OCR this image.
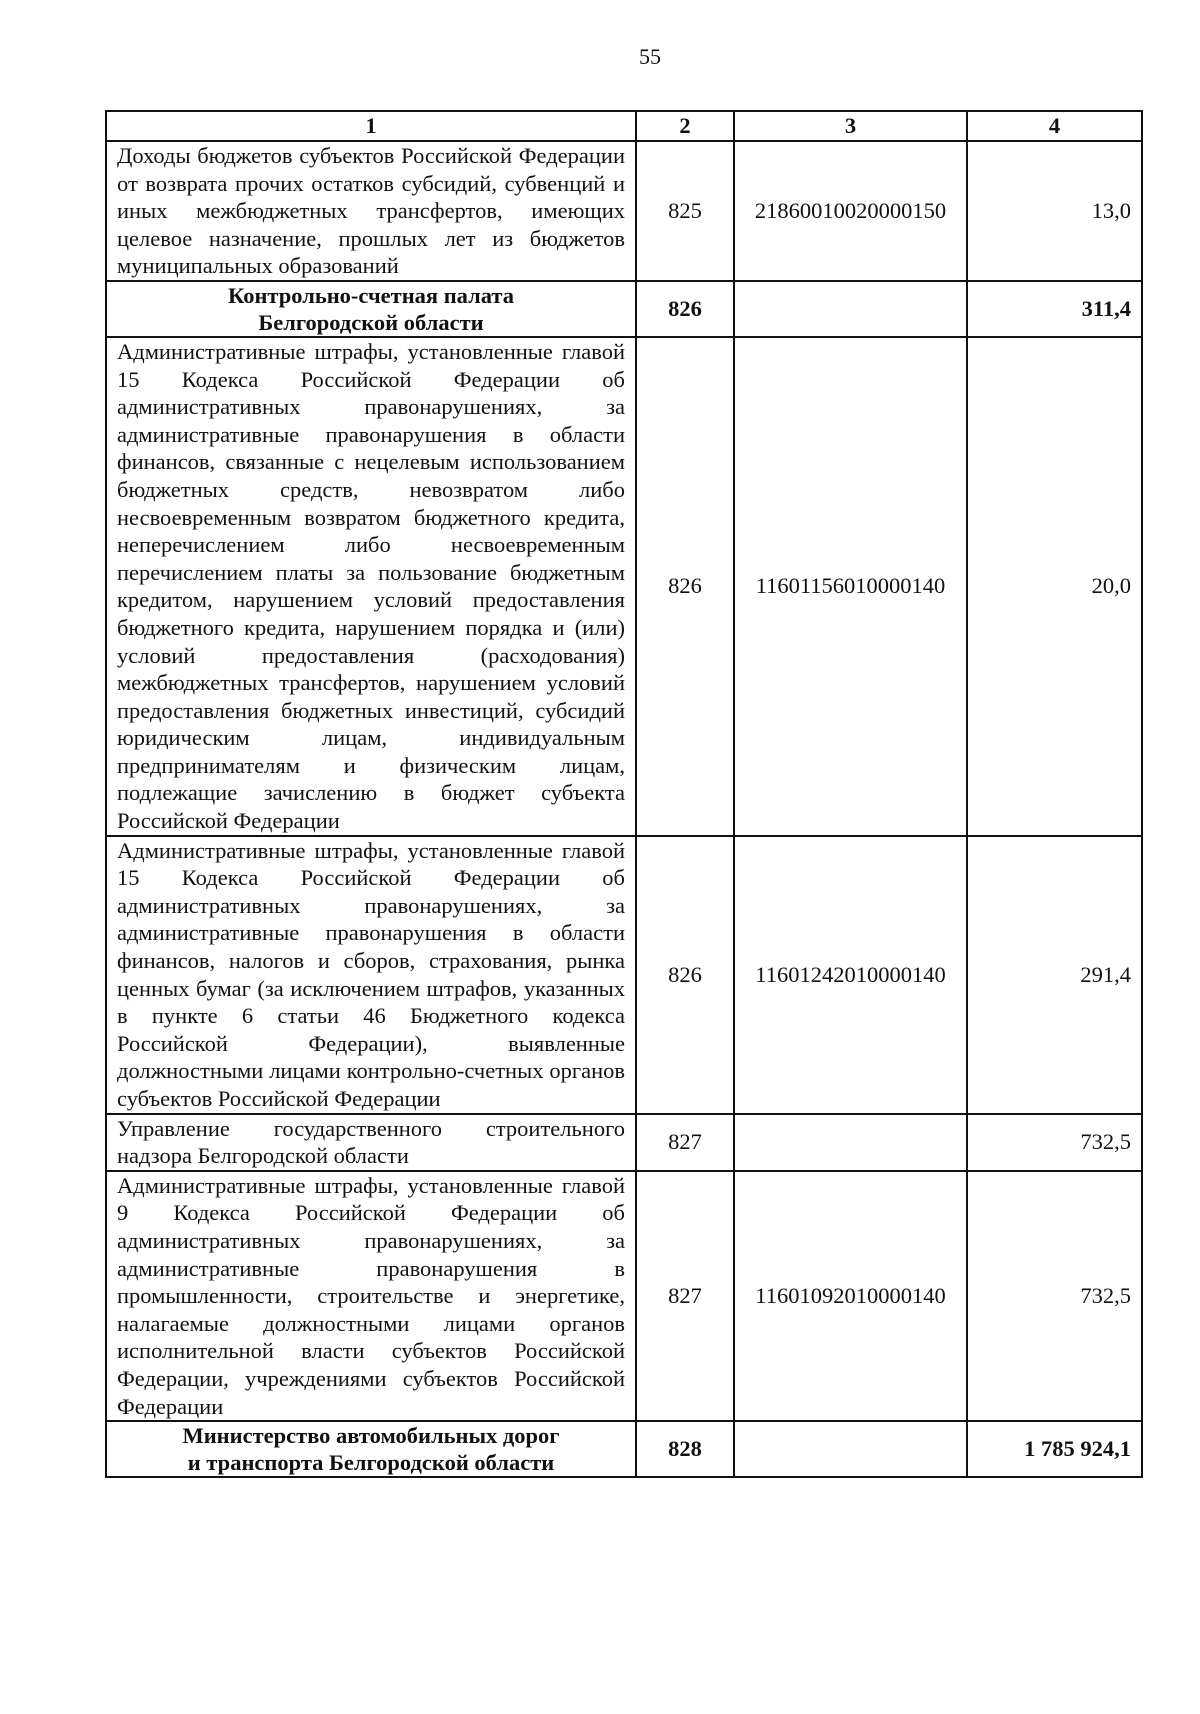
55
1	2	3	4
Доходы бюджетов субъектов Российской Федерации от возврата прочих остатков субсидий, субвенций и иных межбюджетных трансфертов, имеющих целевое назначение, прошлых лет из бюджетов муниципальных образований	825	21860010020000150	13,0
Контрольно-счетная палата
Белгородской области	826		311,4
Административные штрафы, установленные главой 15 Кодекса Российской Федерации об административных правонарушениях, за административные правонарушения в области финансов, связанные с нецелевым использованием бюджетных средств, невозвратом либо несвоевременным возвратом бюджетного кредита, неперечислением либо несвоевременным перечислением платы за пользование бюджетным кредитом, нарушением условий предоставления бюджетного кредита, нарушением порядка и (или) условий предоставления (расходования) межбюджетных трансфертов, нарушением условий предоставления бюджетных инвестиций, субсидий юридическим лицам, индивидуальным предпринимателям и физическим лицам, подлежащие зачислению в бюджет субъекта Российской Федерации	826	11601156010000140	20,0
Административные штрафы, установленные главой 15 Кодекса Российской Федерации об административных правонарушениях, за административные правонарушения в области финансов, налогов и сборов, страхования, рынка ценных бумаг (за исключением штрафов, указанных в пункте 6 статьи 46 Бюджетного кодекса Российской Федерации), выявленные должностными лицами контрольно-счетных органов субъектов Российской Федерации	826	11601242010000140	291,4
Управление государственного строительного надзора Белгородской области	827		732,5
Административные штрафы, установленные главой 9 Кодекса Российской Федерации об административных правонарушениях, за административные правонарушения в промышленности, строительстве и энергетике, налагаемые должностными лицами органов исполнительной власти субъектов Российской Федерации, учреждениями субъектов Российской Федерации	827	11601092010000140	732,5
Министерство автомобильных дорог
и транспорта Белгородской области	828		1 785 924,1
